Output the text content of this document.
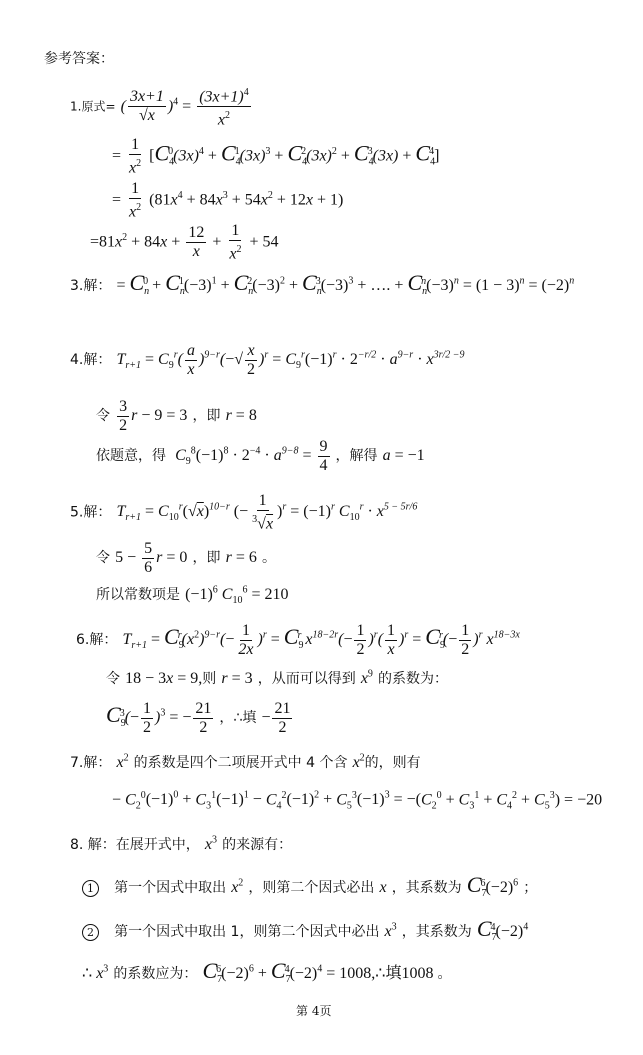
参考答案：
1.原式= ( $\frac{3x+1}{√x} )^4 = \frac{(3x+1)^4}{x^2}$
= $\frac{1}{x^2} [C_4^0(3x)^4 + C_4^1(3x)^3 + C_4^2(3x)^2 + C_4^3(3x) + C_4^4]$
= $\frac{1}{x^2} (81x^4 + 84x^3 + 54x^2 + 12x + 1)$
$=81x^2 + 84x + \frac{12}{x} + \frac{1}{x^2} + 54$
3.解： = $C_n^0 + C_n^1(-3)^1 + C_n^2(-3)^2 + C_n^3(-3)^3$ + …. + $C_n^n(-3)^n = (1 - 3)^n = (-2)^n$
4.解： $T_{r+1} = C_9^r( \frac{a}{x} )^{9-r}(-√ \frac{x}{2} )^r = C_9^r(-1)^r \cdot 2^{-r/2} \cdot a^{9-r} \cdot x^{3r/2 -9}$
令 $\frac{3}{2}$ r − 9 = 3 ，即 r = 8
依题意，得  $C_9^8(-1)^8 \cdot 2^{-4} \cdot a^{9-8} = \frac{9}{4}$ ，解得 a = −1
5.解： $T_{r+1} = C_{10}^r(√x)^{10-r}$ (− $\frac{1}{^3√x} )^r = (-1)^r$ $C_{10}^r \cdot x^{5 - 5r/6}$
令 $5 - \frac{5}{6}$ r = 0 ，即 r = 6 。
所以常数项是 $(-1)^6$ $C_{10}^6 = 210$
6.解： $T_{r+1} = C_9^r(x^2)^{9-r}(- \frac{1}{2x} )^r = C_9^r$ $x^{18-2r}(- \frac{1}{2} )^r( \frac{1}{x} )^r = C_9^r(- \frac{1}{2} )^r$ $x^{18-3x}$
令 18 − 3x = 9,则 r = 3 ，从而可以得到 $x^9$ 的系数为：
$C_9^3(- \frac{1}{2} )^3$ = − $\frac{21}{2}$ ，∴填 − $\frac{21}{2}$
7.解： $x^2$ 的系数是四个二项展开式中 4 个含 $x^2$的，则有
− $C_2^0(-1)^0 + C_3^1(-1)^1 - C_4^2(-1)^2 + C_5^3(-1)^3 = -(C_2^0 + C_3^1 + C_4^2 + C_5^3) = -20$
8. 解：在展开式中， $x^3$ 的来源有：
1 第一个因式中取出 $x^2$ ，则第二个因式必出 x ，其系数为 $C_7^6(-2)^6$ ；
2 第一个因式中取出 1，则第二个因式中必出 $x^3$ ，其系数为 $C_7^4(-2)^4$
∴ $x^3$ 的系数应为： $C_7^6(-2)^6 + C_7^4(-2)^4$ = 1008,∴填1008 。
第 4页
